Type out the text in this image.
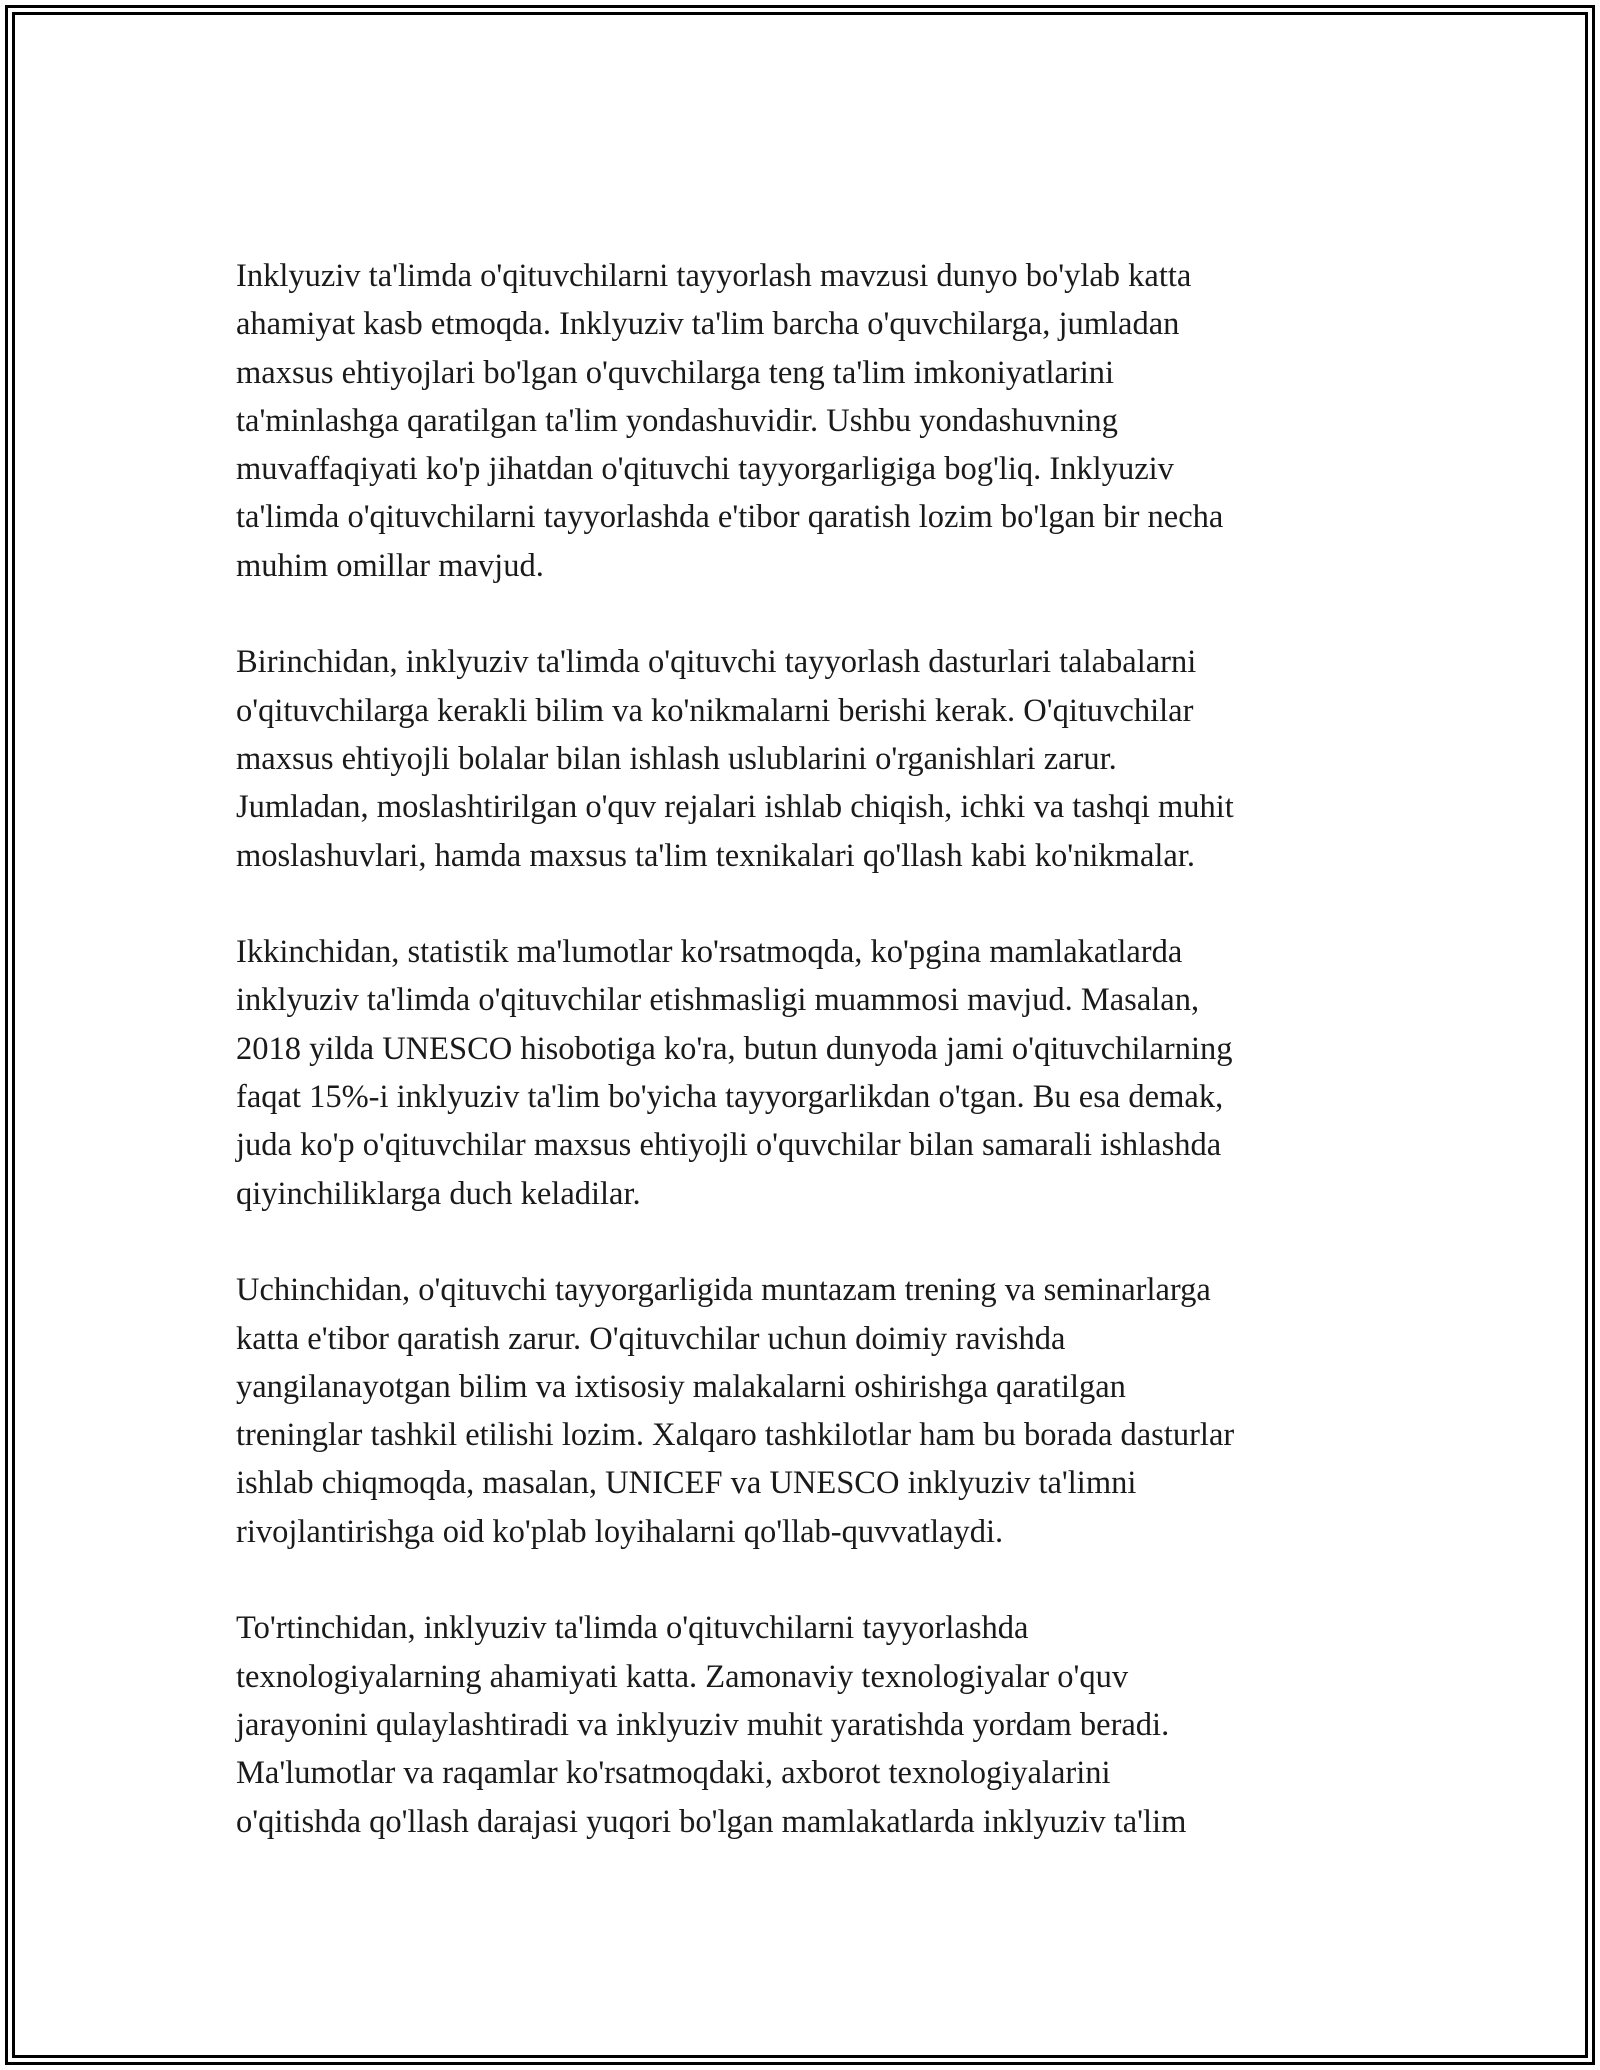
Inklyuziv ta'limda o'qituvchilarni tayyorlash mavzusi dunyo bo'ylab katta
ahamiyat kasb etmoqda. Inklyuziv ta'lim barcha o'quvchilarga, jumladan
maxsus ehtiyojlari bo'lgan o'quvchilarga teng ta'lim imkoniyatlarini
ta'minlashga qaratilgan ta'lim yondashuvidir. Ushbu yondashuvning
muvaffaqiyati ko'p jihatdan o'qituvchi tayyorgarligiga bog'liq. Inklyuziv
ta'limda o'qituvchilarni tayyorlashda e'tibor qaratish lozim bo'lgan bir necha
muhim omillar mavjud.

Birinchidan, inklyuziv ta'limda o'qituvchi tayyorlash dasturlari talabalarni
o'qituvchilarga kerakli bilim va ko'nikmalarni berishi kerak. O'qituvchilar
maxsus ehtiyojli bolalar bilan ishlash uslublarini o'rganishlari zarur.
Jumladan, moslashtirilgan o'quv rejalari ishlab chiqish, ichki va tashqi muhit
moslashuvlari, hamda maxsus ta'lim texnikalari qo'llash kabi ko'nikmalar.

Ikkinchidan, statistik ma'lumotlar ko'rsatmoqda, ko'pgina mamlakatlarda
inklyuziv ta'limda o'qituvchilar etishmasligi muammosi mavjud. Masalan,
2018 yilda UNESCO hisobotiga ko'ra, butun dunyoda jami o'qituvchilarning
faqat 15%-i inklyuziv ta'lim bo'yicha tayyorgarlikdan o'tgan. Bu esa demak,
juda ko'p o'qituvchilar maxsus ehtiyojli o'quvchilar bilan samarali ishlashda
qiyinchiliklarga duch keladilar.

Uchinchidan, o'qituvchi tayyorgarligida muntazam trening va seminarlarga
katta e'tibor qaratish zarur. O'qituvchilar uchun doimiy ravishda
yangilanayotgan bilim va ixtisosiy malakalarni oshirishga qaratilgan
treninglar tashkil etilishi lozim. Xalqaro tashkilotlar ham bu borada dasturlar
ishlab chiqmoqda, masalan, UNICEF va UNESCO inklyuziv ta'limni
rivojlantirishga oid ko'plab loyihalarni qo'llab-quvvatlaydi.

To'rtinchidan, inklyuziv ta'limda o'qituvchilarni tayyorlashda
texnologiyalarning ahamiyati katta. Zamonaviy texnologiyalar o'quv
jarayonini qulaylashtiradi va inklyuziv muhit yaratishda yordam beradi.
Ma'lumotlar va raqamlar ko'rsatmoqdaki, axborot texnologiyalarini
o'qitishda qo'llash darajasi yuqori bo'lgan mamlakatlarda inklyuziv ta'lim
